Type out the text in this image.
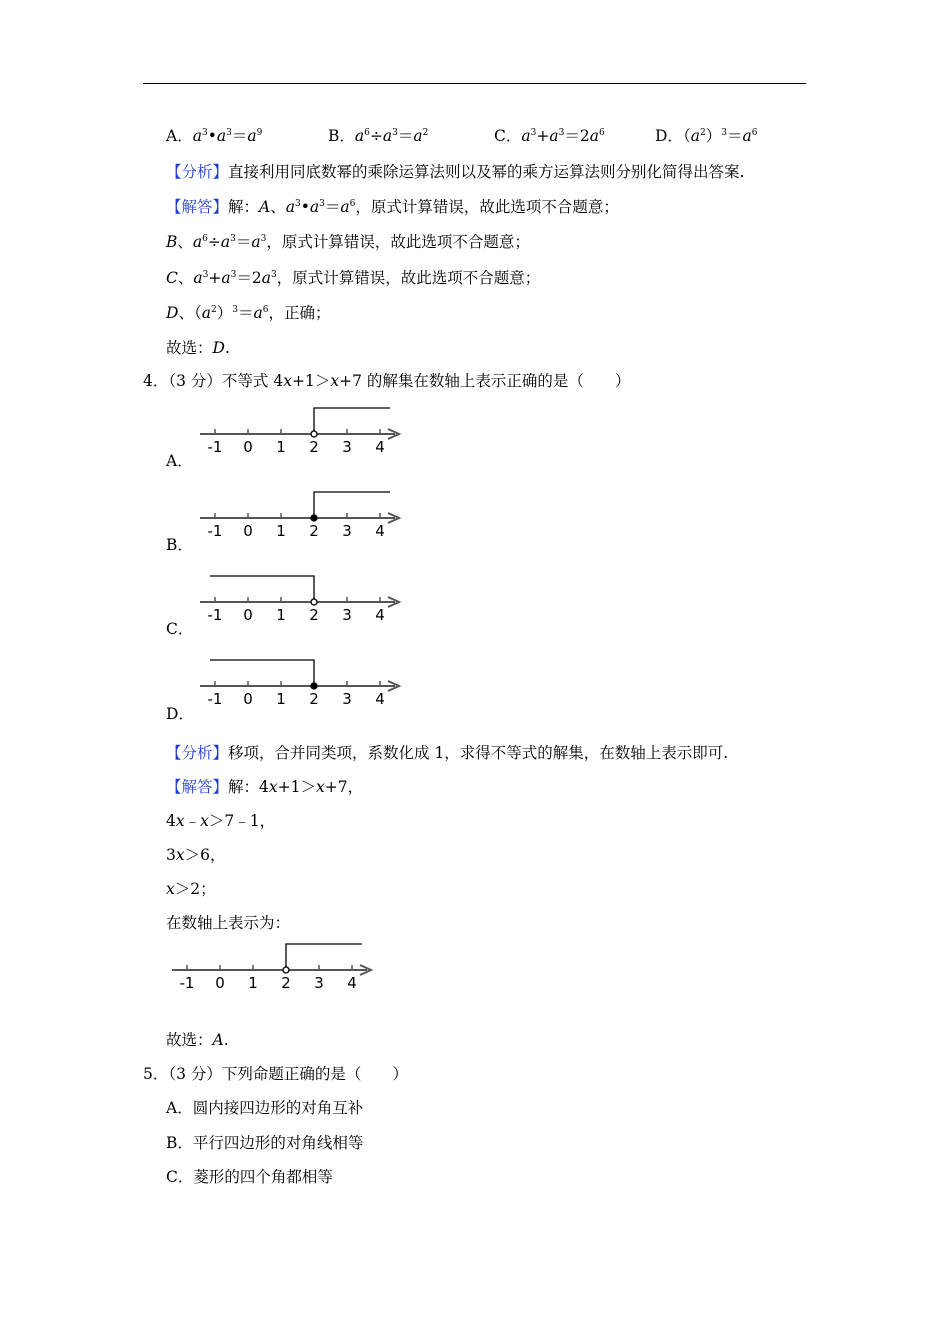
A．$a^3•a^3=a^9$	B．$a^6\div a^3=a^2$	C．$a^3+a^3=2a^6$	D．$(a^2)^3=a^6$
【分析】直接利用同底数幂的乘除运算法则以及幂的乘方运算法则分别化简得出答案.
【解答】解：A、$a^3•a^3=a^6$，原式计算错误，故此选项不合题意；
B、$a^6\div a^3=a^3$，原式计算错误，故此选项不合题意；
C、$a^3+a^3=2a^3$，原式计算错误，故此选项不合题意；
D、$(a^2)^3=a^6$，正确；
故选：D.
4．（3 分）不等式 4x+1＞x+7 的解集在数轴上表示正确的是（　　）
A．
B．
C．
D．
-1 0 1 2 3 4
-1 0 1 2 3 4
-1 0 1 2 3 4
-1 0 1 2 3 4
【分析】移项，合并同类项，系数化成 1，求得不等式的解集，在数轴上表示即可.
【解答】解：4x+1＞x+7，
4x﹣x＞7﹣1，
3x＞6，
x＞2；
在数轴上表示为：
-1 0 1 2 3 4
故选：A.
5．（3 分）下列命题正确的是（　　）
A．圆内接四边形的对角互补
B．平行四边形的对角线相等
C．菱形的四个角都相等
